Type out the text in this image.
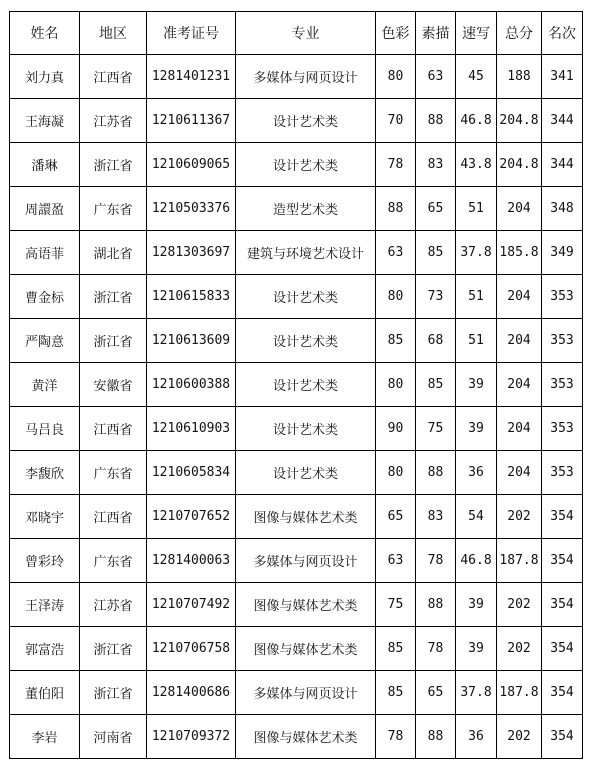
姓名	地区	准考证号	专业	色彩	素描	速写	总分	名次
刘力真	江西省	1281401231	多媒体与网页设计	80	63	45	188	341
王海凝	江苏省	1210611367	设计艺术类	70	88	46.8	204.8	344
潘琳	浙江省	1210609065	设计艺术类	78	83	43.8	204.8	344
周譞盈	广东省	1210503376	造型艺术类	88	65	51	204	348
高语菲	湖北省	1281303697	建筑与环境艺术设计	63	85	37.8	185.8	349
曹金标	浙江省	1210615833	设计艺术类	80	73	51	204	353
严陶意	浙江省	1210613609	设计艺术类	85	68	51	204	353
黄洋	安徽省	1210600388	设计艺术类	80	85	39	204	353
马吕良	江西省	1210610903	设计艺术类	90	75	39	204	353
李馥欣	广东省	1210605834	设计艺术类	80	88	36	204	353
邓晓宇	江西省	1210707652	图像与媒体艺术类	65	83	54	202	354
曾彩玲	广东省	1281400063	多媒体与网页设计	63	78	46.8	187.8	354
王泽涛	江苏省	1210707492	图像与媒体艺术类	75	88	39	202	354
郭富浩	浙江省	1210706758	图像与媒体艺术类	85	78	39	202	354
董伯阳	浙江省	1281400686	多媒体与网页设计	85	65	37.8	187.8	354
李岩	河南省	1210709372	图像与媒体艺术类	78	88	36	202	354
